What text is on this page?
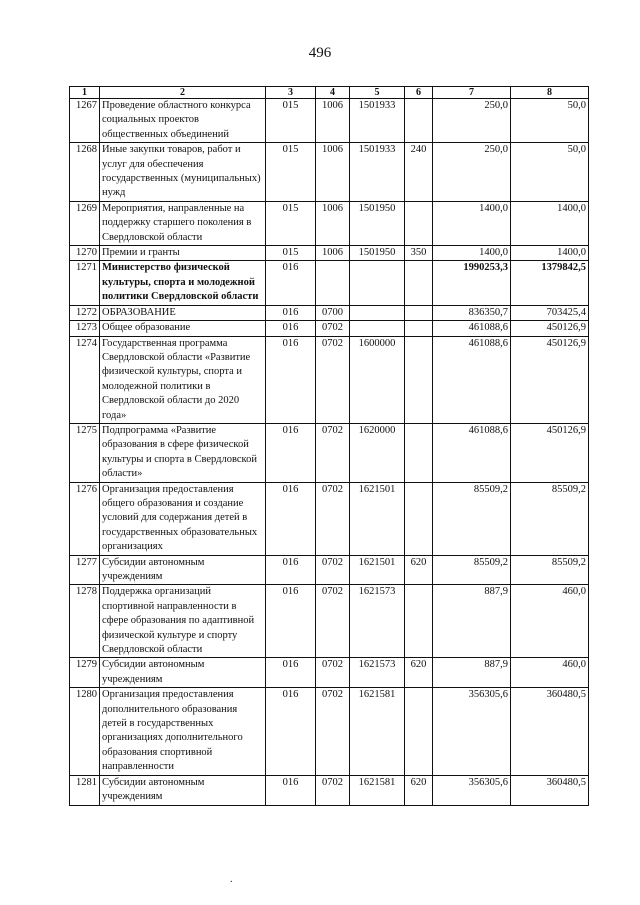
496
1	2	3	4	5	6	7	8
1267	Проведение областного конкурса социальных проектов общественных объединений	015	1006	1501933		250,0	50,0
1268	Иные закупки товаров, работ и услуг для обеспечения государственных (муниципальных) нужд	015	1006	1501933	240	250,0	50,0
1269	Мероприятия, направленные на поддержку старшего поколения в Свердловской области	015	1006	1501950		1400,0	1400,0
1270	Премии и гранты	015	1006	1501950	350	1400,0	1400,0
1271	Министерство физической культуры, спорта и молодежной политики Свердловской области	016				1990253,3	1379842,5
1272	ОБРАЗОВАНИЕ	016	0700			836350,7	703425,4
1273	Общее образование	016	0702			461088,6	450126,9
1274	Государственная программа Свердловской области «Развитие физической культуры, спорта и молодежной политики в Свердловской области до 2020 года»	016	0702	1600000		461088,6	450126,9
1275	Подпрограмма «Развитие образования в сфере физической культуры и спорта в Свердловской области»	016	0702	1620000		461088,6	450126,9
1276	Организация предоставления общего образования и создание условий для содержания детей в государственных образовательных организациях	016	0702	1621501		85509,2	85509,2
1277	Субсидии автономным учреждениям	016	0702	1621501	620	85509,2	85509,2
1278	Поддержка организаций спортивной направленности в сфере образования по адаптивной физической культуре и спорту Свердловской области	016	0702	1621573		887,9	460,0
1279	Субсидии автономным учреждениям	016	0702	1621573	620	887,9	460,0
1280	Организация предоставления дополнительного образования детей в государственных организациях дополнительного образования спортивной направленности	016	0702	1621581		356305,6	360480,5
1281	Субсидии автономным учреждениям	016	0702	1621581	620	356305,6	360480,5
.
